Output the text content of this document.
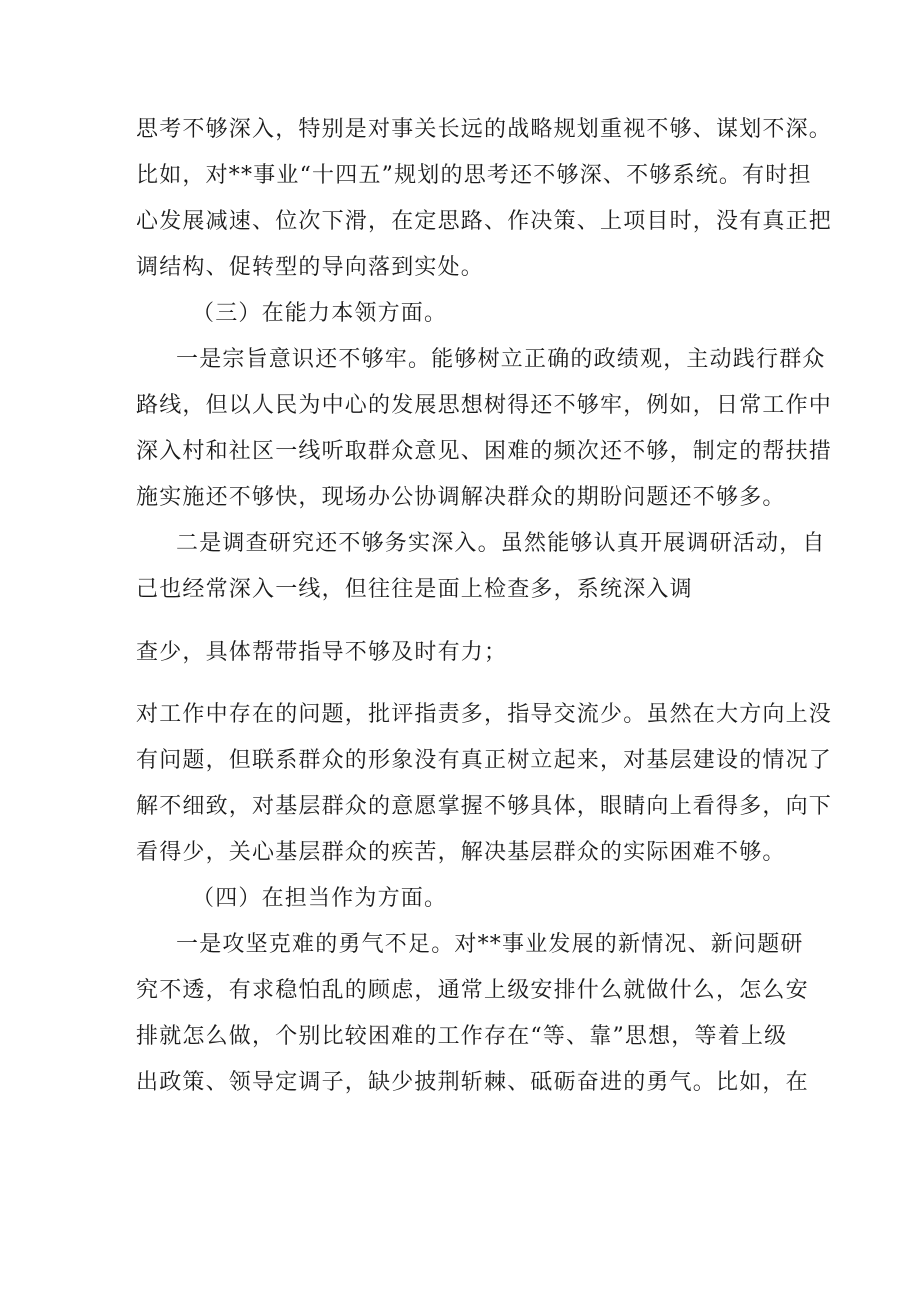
思考不够深入，特别是对事关长远的战略规划重视不够、谋划不深。
比如，对**事业“十四五”规划的思考还不够深、不够系统。有时担
心发展减速、位次下滑，在定思路、作决策、上项目时，没有真正把
调结构、促转型的导向落到实处。
（三）在能力本领方面。
一是宗旨意识还不够牢。能够树立正确的政绩观，主动践行群众
路线，但以人民为中心的发展思想树得还不够牢，例如，日常工作中
深入村和社区一线听取群众意见、困难的频次还不够，制定的帮扶措
施实施还不够快，现场办公协调解决群众的期盼问题还不够多。
二是调查研究还不够务实深入。虽然能够认真开展调研活动，自
己也经常深入一线，但往往是面上检查多，系统深入调
查少，具体帮带指导不够及时有力；
对工作中存在的问题，批评指责多，指导交流少。虽然在大方向上没
有问题，但联系群众的形象没有真正树立起来，对基层建设的情况了
解不细致，对基层群众的意愿掌握不够具体，眼睛向上看得多，向下
看得少，关心基层群众的疾苦，解决基层群众的实际困难不够。
（四）在担当作为方面。
一是攻坚克难的勇气不足。对**事业发展的新情况、新问题研
究不透，有求稳怕乱的顾虑，通常上级安排什么就做什么，怎么安
排就怎么做，个别比较困难的工作存在“等、靠”思想，等着上级
出政策、领导定调子，缺少披荆斩棘、砥砺奋进的勇气。比如，在
